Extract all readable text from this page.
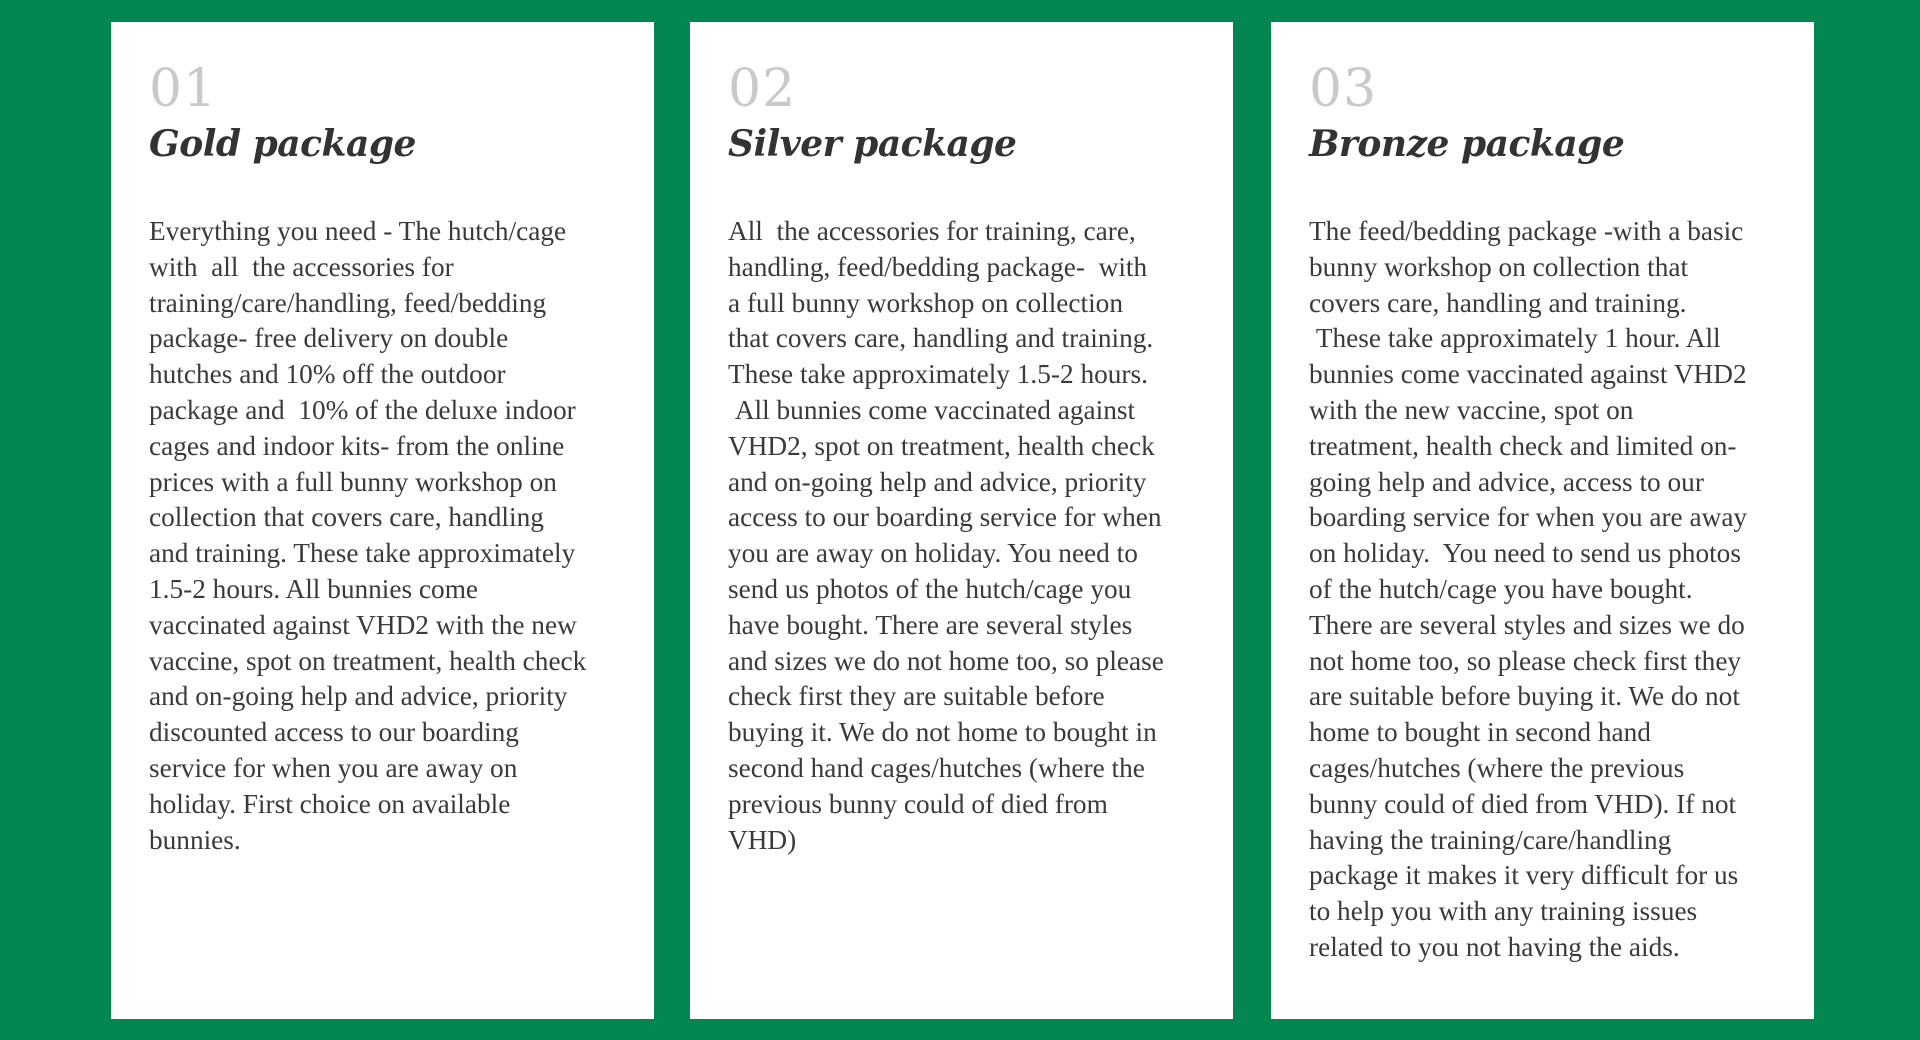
01
Gold package

Everything you need - The hutch/cage
with  all  the accessories for
training/care/handling, feed/bedding
package- free delivery on double
hutches and 10% off the outdoor
package and  10% of the deluxe indoor
cages and indoor kits- from the online
prices with a full bunny workshop on
collection that covers care, handling
and training. These take approximately
1.5-2 hours. All bunnies come
vaccinated against VHD2 with the new
vaccine, spot on treatment, health check
and on-going help and advice, priority
discounted access to our boarding
service for when you are away on
holiday. First choice on available
bunnies.

02
Silver package

All  the accessories for training, care,
handling, feed/bedding package-  with
a full bunny workshop on collection
that covers care, handling and training.
These take approximately 1.5-2 hours.
All bunnies come vaccinated against
VHD2, spot on treatment, health check
and on-going help and advice, priority
access to our boarding service for when
you are away on holiday. You need to
send us photos of the hutch/cage you
have bought. There are several styles
and sizes we do not home too, so please
check first they are suitable before
buying it. We do not home to bought in
second hand cages/hutches (where the
previous bunny could of died from
VHD)

03
Bronze package

The feed/bedding package -with a basic
bunny workshop on collection that
covers care, handling and training.
These take approximately 1 hour. All
bunnies come vaccinated against VHD2
with the new vaccine, spot on
treatment, health check and limited on-
going help and advice, access to our
boarding service for when you are away
on holiday.  You need to send us photos
of the hutch/cage you have bought.
There are several styles and sizes we do
not home too, so please check first they
are suitable before buying it. We do not
home to bought in second hand
cages/hutches (where the previous
bunny could of died from VHD). If not
having the training/care/handling
package it makes it very difficult for us
to help you with any training issues
related to you not having the aids.
